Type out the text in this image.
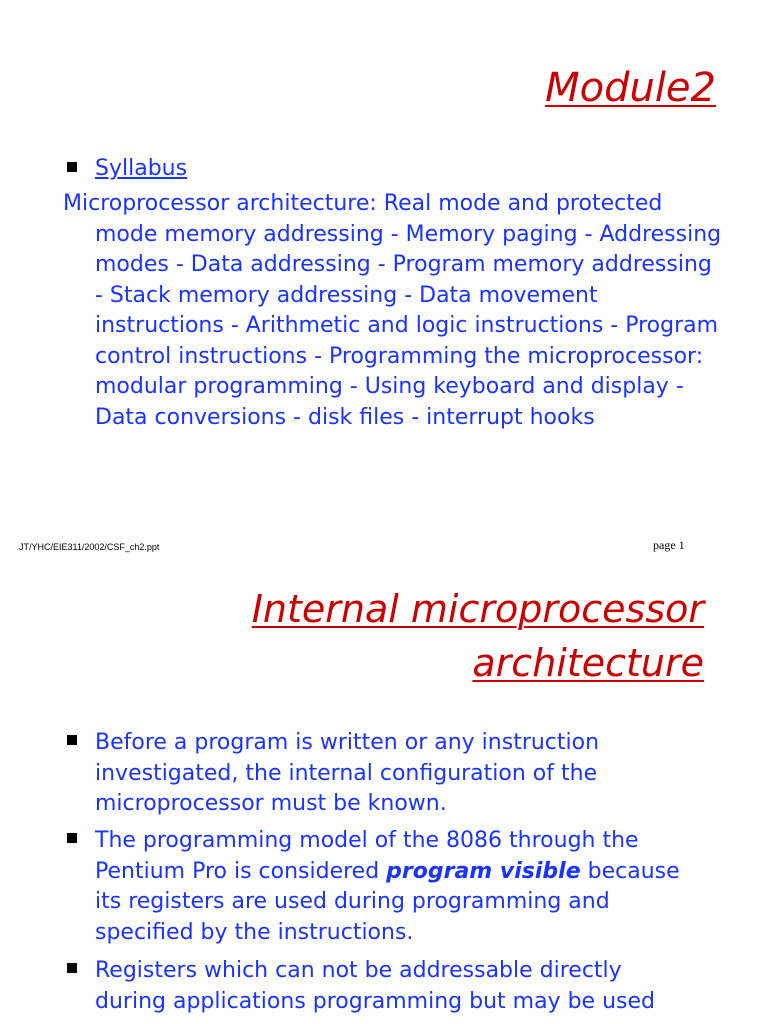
Module2
Syllabus
Microprocessor architecture: Real mode and protected mode memory addressing - Memory paging - Addressing modes - Data addressing - Program memory addressing - Stack memory addressing - Data movement instructions - Arithmetic and logic instructions - Program control instructions - Programming the microprocessor: modular programming - Using keyboard and display - Data conversions - disk files - interrupt hooks
JT/YHC/EIE311/2002/CSF_ch2.ppt	page 1
Internal microprocessor
architecture
Before a program is written or any instruction investigated, the internal configuration of the microprocessor must be known.
The programming model of the 8086 through the Pentium Pro is considered program visible because its registers are used during programming and specified by the instructions.
Registers which can not be addressable directly during applications programming but may be used
